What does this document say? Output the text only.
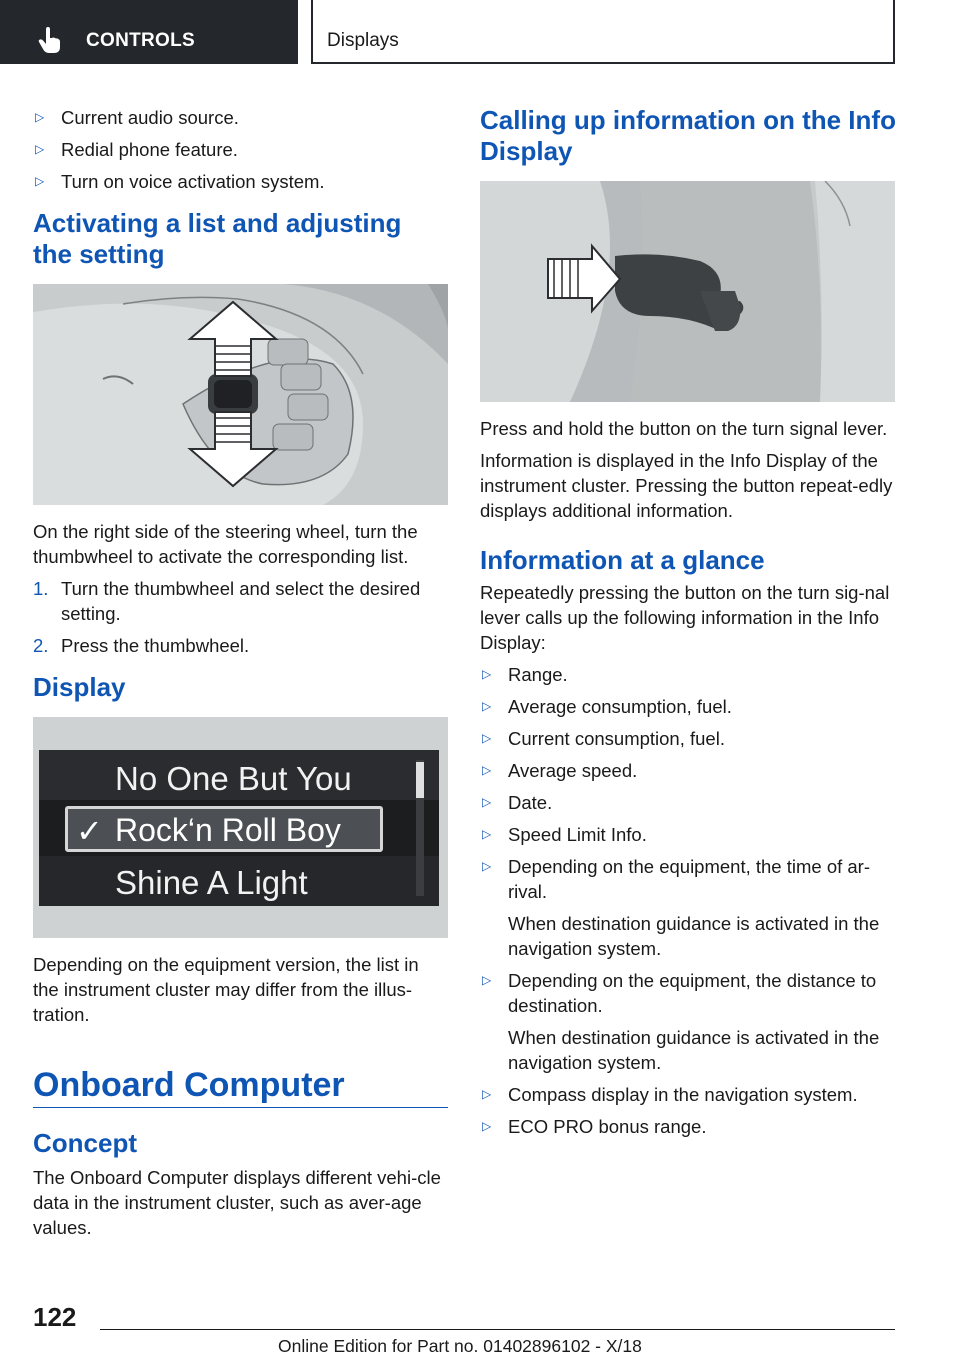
CONTROLS	Displays
▷ Current audio source.
▷ Redial phone feature.
▷ Turn on voice activation system.
Activating a list and adjusting the setting
On the right side of the steering wheel, turn the thumbwheel to activate the corresponding list.
1. Turn the thumbwheel and select the desired setting.
2. Press the thumbwheel.
Display
No One But You
✓ Rock‘n Roll Boy
Shine A Light
Depending on the equipment version, the list in the instrument cluster may differ from the illus-tration.
Onboard Computer
Concept
The Onboard Computer displays different vehi-cle data in the instrument cluster, such as aver-age values.
Calling up information on the Info Display
Press and hold the button on the turn signal lever.
Information is displayed in the Info Display of the instrument cluster. Pressing the button repeat-edly displays additional information.
Information at a glance
Repeatedly pressing the button on the turn sig-nal lever calls up the following information in the Info Display:
▷ Range.
▷ Average consumption, fuel.
▷ Current consumption, fuel.
▷ Average speed.
▷ Date.
▷ Speed Limit Info.
▷ Depending on the equipment, the time of ar-rival.
When destination guidance is activated in the navigation system.
▷ Depending on the equipment, the distance to destination.
When destination guidance is activated in the navigation system.
▷ Compass display in the navigation system.
▷ ECO PRO bonus range.
122
Online Edition for Part no. 01402896102 - X/18
